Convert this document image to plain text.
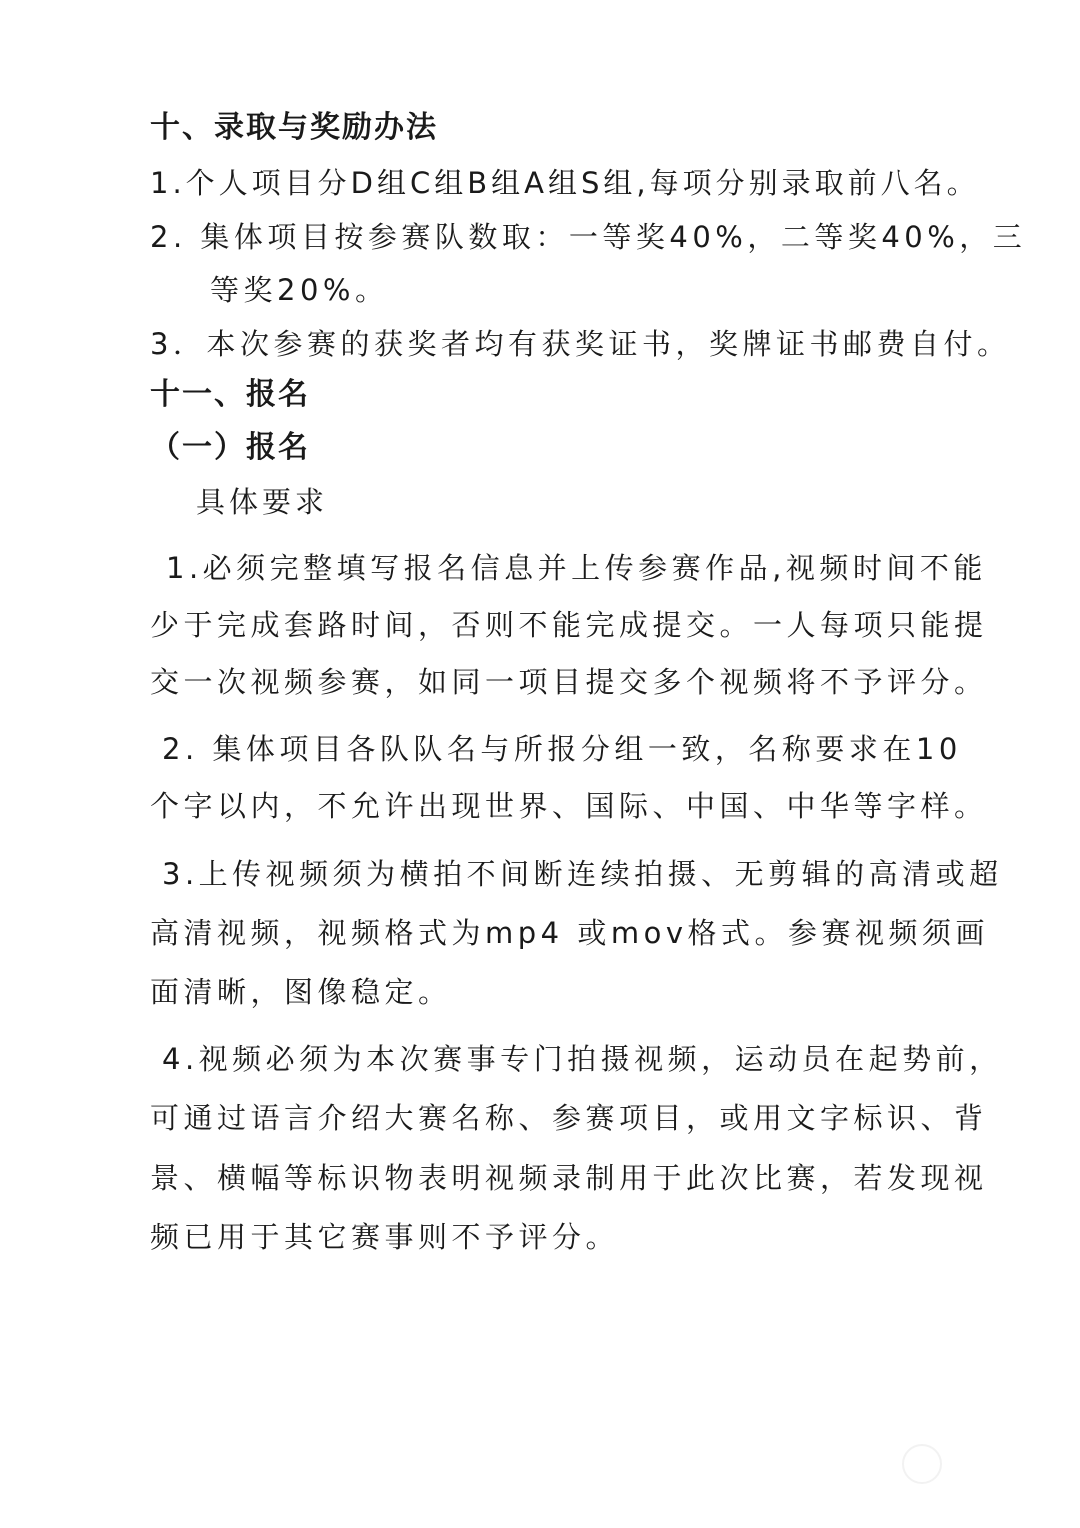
十、录取与奖励办法
1.个人项目分D组C组B组A组S组,每项分别录取前八名。
2. 集体项目按参赛队数取：一等奖40%，二等奖40%，三
等奖20%。
3．本次参赛的获奖者均有获奖证书，奖牌证书邮费自付。
十一、报名
（一）报名
具体要求
1.必须完整填写报名信息并上传参赛作品,视频时间不能
少于完成套路时间，否则不能完成提交。一人每项只能提
交一次视频参赛，如同一项目提交多个视频将不予评分。
2. 集体项目各队队名与所报分组一致，名称要求在10
个字以内，不允许出现世界、国际、中国、中华等字样。
3.上传视频须为横拍不间断连续拍摄、无剪辑的高清或超
高清视频，视频格式为mp4 或mov格式。参赛视频须画
面清晰，图像稳定。
4.视频必须为本次赛事专门拍摄视频，运动员在起势前，
可通过语言介绍大赛名称、参赛项目，或用文字标识、背
景、横幅等标识物表明视频录制用于此次比赛，若发现视
频已用于其它赛事则不予评分。
